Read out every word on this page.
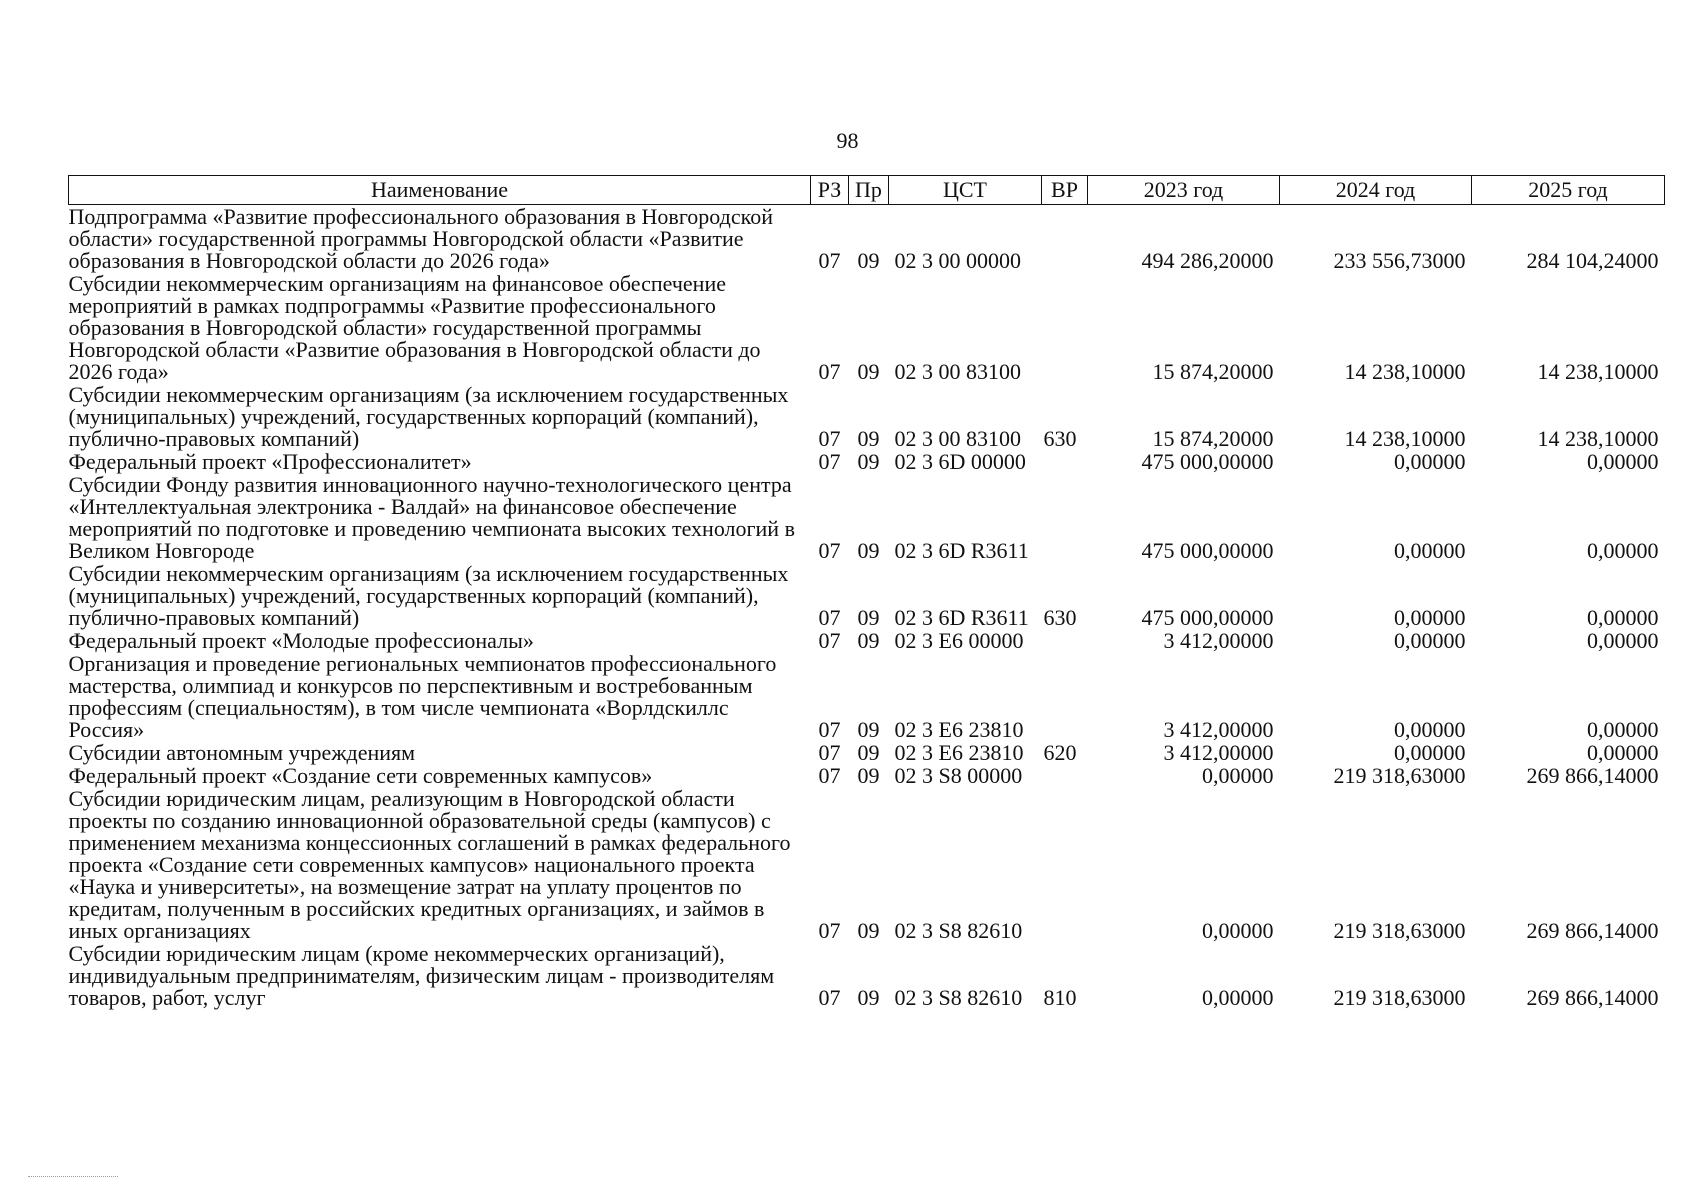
98
Наименование	РЗ	Пр	ЦСТ	ВР	2023 год	2024 год	2025 год
Подпрограмма «Развитие профессионального образования в Новгородской области» государственной программы Новгородской области «Развитие образования в Новгородской области до 2026 года»	07	09	02 3 00 00000		494 286,20000	233 556,73000	284 104,24000
Субсидии некоммерческим организациям на финансовое обеспечение мероприятий в рамках подпрограммы «Развитие профессионального образования в Новгородской области» государственной программы Новгородской области «Развитие образования в Новгородской области до 2026 года»	07	09	02 3 00 83100		15 874,20000	14 238,10000	14 238,10000
Субсидии некоммерческим организациям (за исключением государственных (муниципальных) учреждений, государственных корпораций (компаний), публично-правовых компаний)	07	09	02 3 00 83100	630	15 874,20000	14 238,10000	14 238,10000
Федеральный проект «Профессионалитет»	07	09	02 3 6D 00000		475 000,00000	0,00000	0,00000
Субсидии Фонду развития инновационного научно-технологического центра «Интеллектуальная электроника - Валдай» на финансовое обеспечение мероприятий по подготовке и проведению чемпионата высоких технологий в Великом Новгороде	07	09	02 3 6D R3611		475 000,00000	0,00000	0,00000
Субсидии некоммерческим организациям (за исключением государственных (муниципальных) учреждений, государственных корпораций (компаний), публично-правовых компаний)	07	09	02 3 6D R3611	630	475 000,00000	0,00000	0,00000
Федеральный проект «Молодые профессионалы»	07	09	02 3 E6 00000		3 412,00000	0,00000	0,00000
Организация и проведение региональных чемпионатов профессионального мастерства, олимпиад и конкурсов по перспективным и востребованным профессиям (специальностям), в том числе чемпионата «Ворлдскиллс Россия»	07	09	02 3 E6 23810		3 412,00000	0,00000	0,00000
Субсидии автономным учреждениям	07	09	02 3 E6 23810	620	3 412,00000	0,00000	0,00000
Федеральный проект «Создание сети современных кампусов»	07	09	02 3 S8 00000		0,00000	219 318,63000	269 866,14000
Субсидии юридическим лицам, реализующим в Новгородской области проекты по созданию инновационной образовательной среды (кампусов) с применением механизма концессионных соглашений в рамках федерального проекта «Создание сети современных кампусов» национального проекта «Наука и университеты», на возмещение затрат на уплату процентов по кредитам, полученным в российских кредитных организациях, и займов в иных организациях	07	09	02 3 S8 82610		0,00000	219 318,63000	269 866,14000
Субсидии юридическим лицам (кроме некоммерческих организаций), индивидуальным предпринимателям, физическим лицам - производителям товаров, работ, услуг	07	09	02 3 S8 82610	810	0,00000	219 318,63000	269 866,14000
